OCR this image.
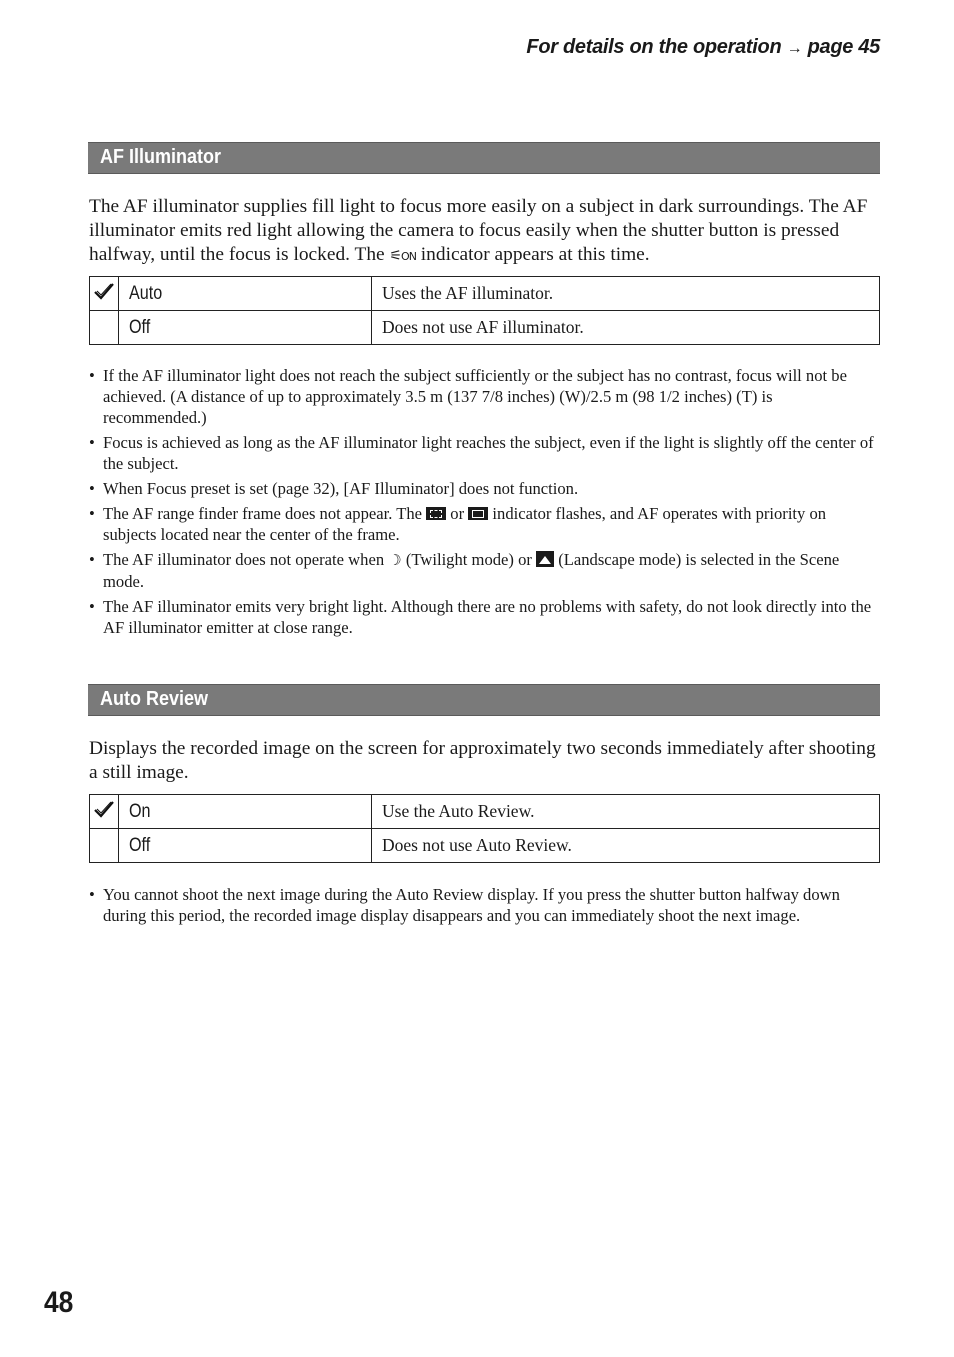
For details on the operation → page 45
AF Illuminator
The AF illuminator supplies fill light to focus more easily on a subject in dark surroundings. The AF illuminator emits red light allowing the camera to focus easily when the shutter button is pressed halfway, until the focus is locked. The ⚟ON indicator appears at this time.
	Auto	Uses the AF illuminator.
	Off	Does not use AF illuminator.
• If the AF illuminator light does not reach the subject sufficiently or the subject has no contrast, focus will not be achieved. (A distance of up to approximately 3.5 m (137 7/8 inches) (W)/2.5 m (98 1/2 inches) (T) is recommended.)
• Focus is achieved as long as the AF illuminator light reaches the subject, even if the light is slightly off the center of the subject.
• When Focus preset is set (page 32), [AF Illuminator] does not function.
• The AF range finder frame does not appear. The
or
indicator flashes, and AF operates with priority on subjects located near the center of the frame.
• The AF illuminator does not operate when ☽ (Twilight mode) or  (Landscape mode) is selected in the Scene mode.
• The AF illuminator emits very bright light. Although there are no problems with safety, do not look directly into the AF illuminator emitter at close range.
Auto Review
Displays the recorded image on the screen for approximately two seconds immediately after shooting a still image.
	On	Use the Auto Review.
	Off	Does not use Auto Review.
• You cannot shoot the next image during the Auto Review display. If you press the shutter button halfway down during this period, the recorded image display disappears and you can immediately shoot the next image.
48
